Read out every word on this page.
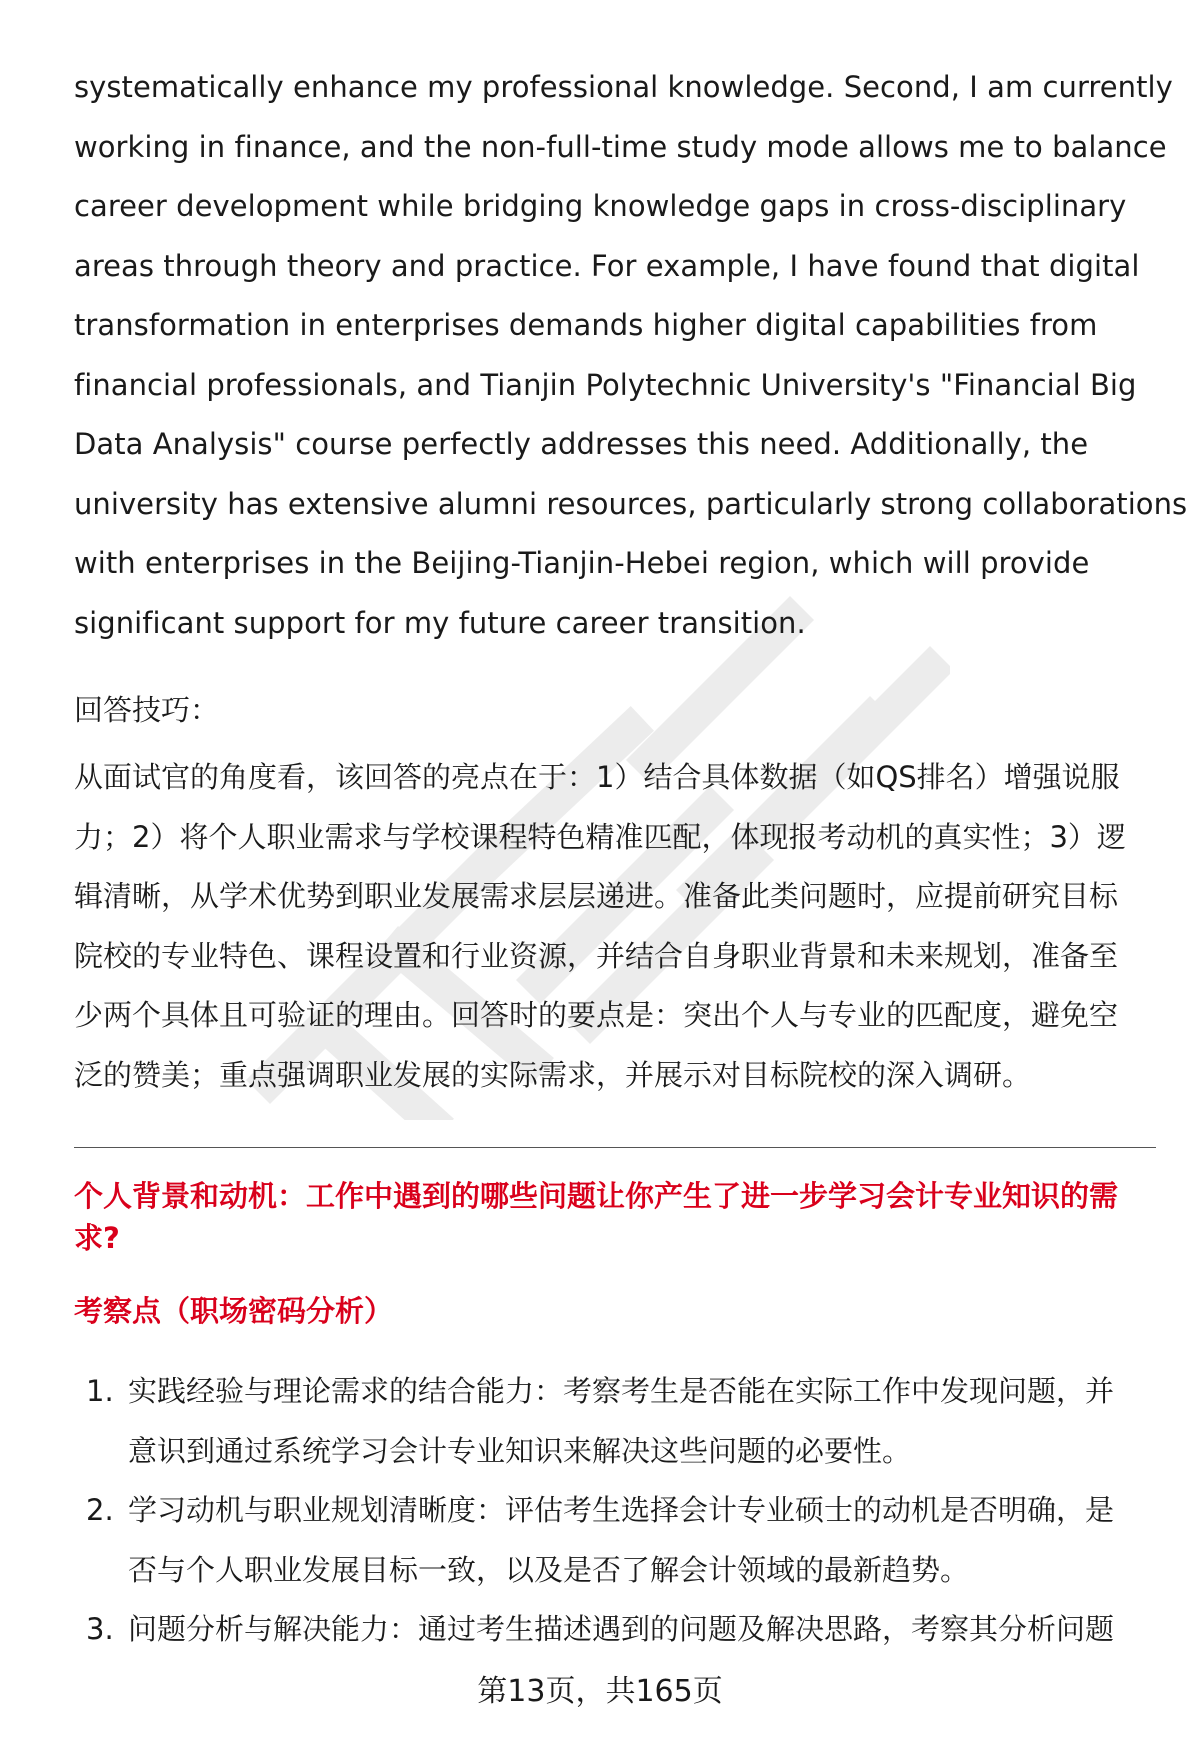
systematically enhance my professional knowledge. Second, I am currently
working in finance, and the non-full-time study mode allows me to balance
career development while bridging knowledge gaps in cross-disciplinary
areas through theory and practice. For example, I have found that digital
transformation in enterprises demands higher digital capabilities from
financial professionals, and Tianjin Polytechnic University's "Financial Big
Data Analysis" course perfectly addresses this need. Additionally, the
university has extensive alumni resources, particularly strong collaborations
with enterprises in the Beijing-Tianjin-Hebei region, which will provide
significant support for my future career transition.

回答技巧：

从面试官的角度看，该回答的亮点在于：1）结合具体数据（如QS排名）增强说服
力；2）将个人职业需求与学校课程特色精准匹配，体现报考动机的真实性；3）逻
辑清晰，从学术优势到职业发展需求层层递进。准备此类问题时，应提前研究目标
院校的专业特色、课程设置和行业资源，并结合自身职业背景和未来规划，准备至
少两个具体且可验证的理由。回答时的要点是：突出个人与专业的匹配度，避免空
泛的赞美；重点强调职业发展的实际需求，并展示对目标院校的深入调研。
个人背景和动机：工作中遇到的哪些问题让你产生了进一步学习会计专业知识的需
求?
考察点（职场密码分析）
1. 实践经验与理论需求的结合能力：考察考生是否能在实际工作中发现问题，并
意识到通过系统学习会计专业知识来解决这些问题的必要性。
2. 学习动机与职业规划清晰度：评估考生选择会计专业硕士的动机是否明确，是
否与个人职业发展目标一致，以及是否了解会计领域的最新趋势。
3. 问题分析与解决能力：通过考生描述遇到的问题及解决思路，考察其分析问题
第13页，共165页
